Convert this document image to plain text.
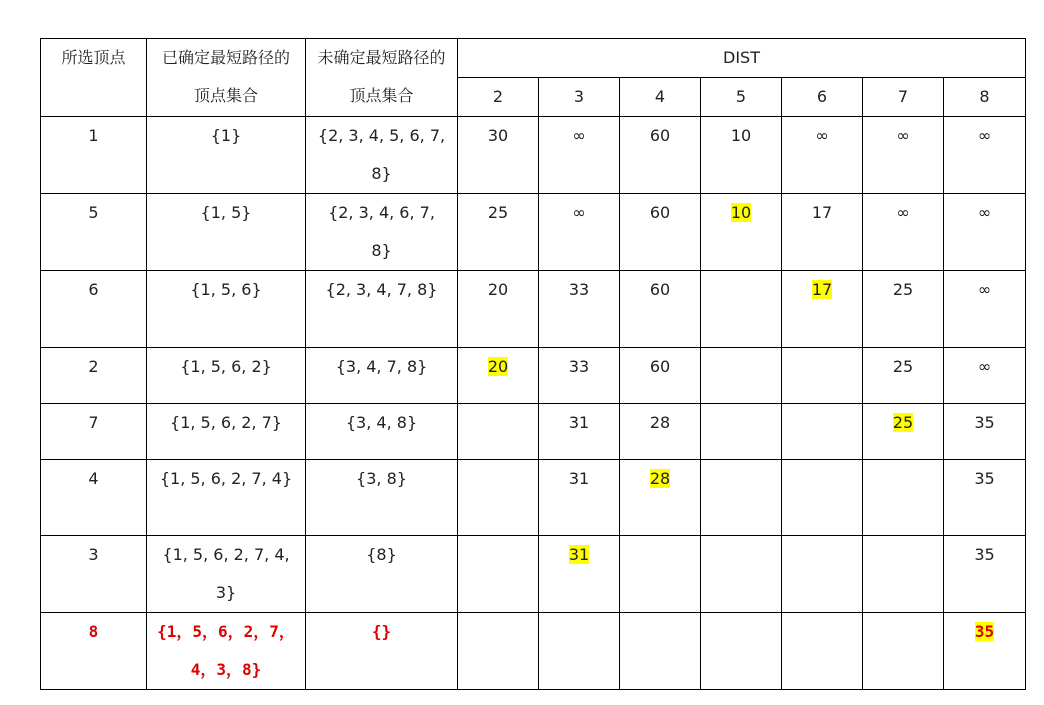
所选顶点	已确定最短路径的顶点集合	未确定最短路径的顶点集合	DIST						
			2	3	4	5	6	7	8
1	{1}	{2, 3, 4, 5, 6, 7, 8}	30	∞	60	10	∞	∞	∞
5	{1, 5}	{2, 3, 4, 6, 7, 8}	25	∞	60	10	17	∞	∞
6	{1, 5, 6}	{2, 3, 4, 7, 8}	20	33	60		17	25	∞
2	{1, 5, 6, 2}	{3, 4, 7, 8}	20	33	60			25	∞
7	{1, 5, 6, 2, 7}	{3, 4, 8}		31	28			25	35
4	{1, 5, 6, 2, 7, 4}	{3, 8}		31	28				35
3	{1, 5, 6, 2, 7, 4, 3}	{8}		31					35
8	{1，5，6，2，7，4，3，8}	{}							35
